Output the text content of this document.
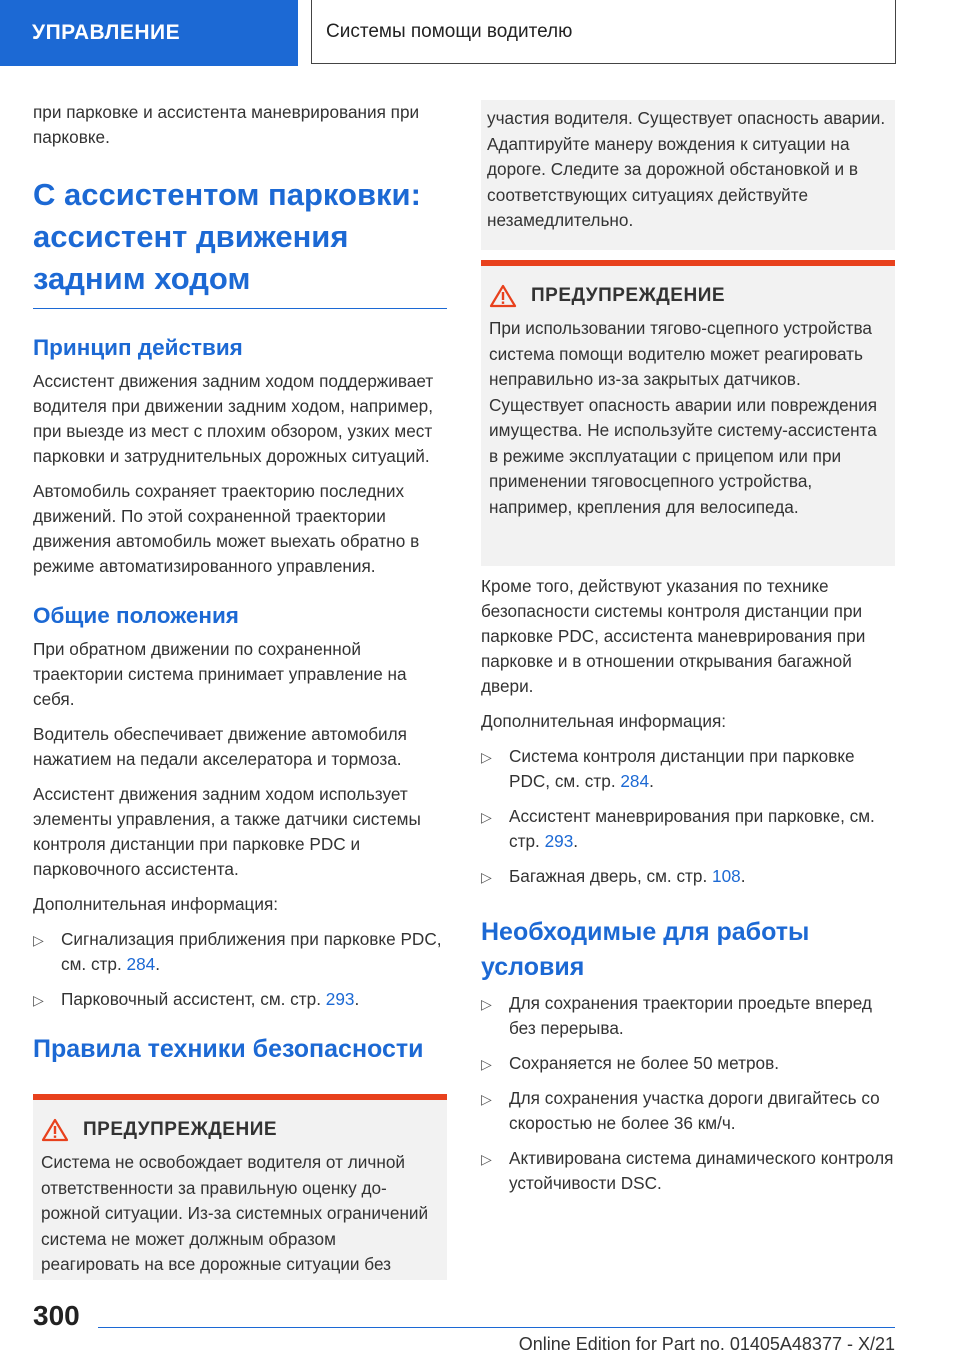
УПРАВЛЕНИЕ	Системы помощи водителю

при парковке и ассистента маневрирования при парковке.

С ассистентом парковки: ассистент движения задним ходом
Принцип действия

Ассистент движения задним ходом поддерживает водителя при движении задним ходом, например, при выезде из мест с плохим обзором, узких мест парковки и затруднительных дорожных ситуаций.

Автомобиль сохраняет траекторию последних движений. По этой сохраненной траектории движения автомобиль может выехать обратно в режиме автоматизированного управления.

Общие положения

При обратном движении по сохраненной траектории система принимает управление на себя.

Водитель обеспечивает движение автомобиля нажатием на педали акселератора и тормоза.

Ассистент движения задним ходом использует элементы управления, а также датчики системы контроля дистанции при парковке PDC и парковочного ассистента.

Дополнительная информация:

▷ Сигнализация приближения при парковке PDC, см. стр. 284.
▷ Парковочный ассистент, см. стр. 293.
Правила техники безопасности
ПРЕДУПРЕЖДЕНИЕ
Система не освобождает водителя от личной ответственности за правильную оценку дорожной ситуации. Из-за системных ограничений система не может должным образом реагировать на все дорожные ситуации без
участия водителя. Существует опасность аварии. Адаптируйте манеру вождения к ситуации на дороге. Следите за дорожной обстановкой и в соответствующих ситуациях действуйте незамедлительно.
ПРЕДУПРЕЖДЕНИЕ
При использовании тягово-сцепного устройства система помощи водителю может реагировать неправильно из-за закрытых датчиков. Существует опасность аварии или повреждения имущества. Не используйте систему-ассистента в режиме эксплуатации с прицепом или при применении тяговосцепного устройства, например, крепления для велосипеда.

Кроме того, действуют указания по технике безопасности системы контроля дистанции при парковке PDC, ассистента маневрирования при парковке и в отношении открывания багажной двери.

Дополнительная информация:

▷ Система контроля дистанции при парковке PDC, см. стр. 284.
▷ Ассистент маневрирования при парковке, см. стр. 293.
▷ Багажная дверь, см. стр. 108.
Необходимые для работы условия
▷ Для сохранения траектории проедьте вперед без перерыва.
▷ Сохраняется не более 50 метров.
▷ Для сохранения участка дороги двигайтесь со скоростью не более 36 км/ч.
▷ Активирована система динамического контроля устойчивости DSC.
300
Online Edition for Part no. 01405A48377 - X/21
